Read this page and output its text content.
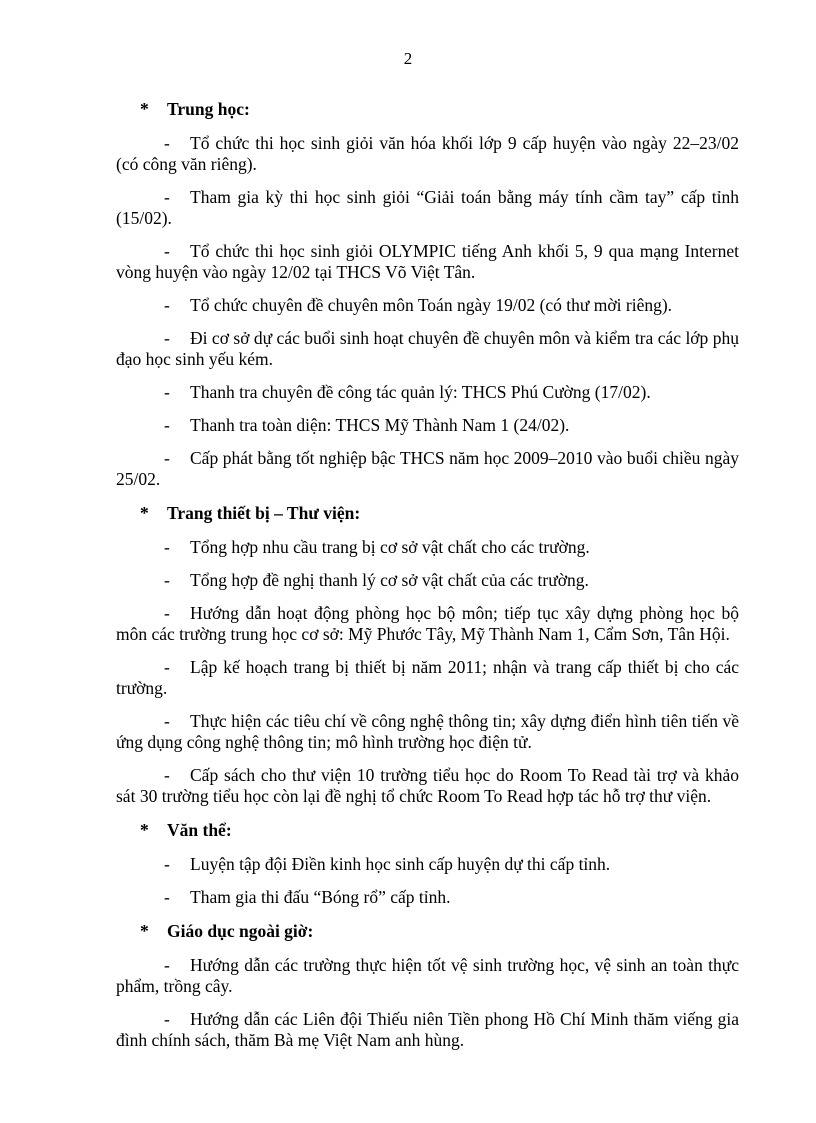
2

* Trung học:

- Tổ chức thi học sinh giỏi văn hóa khối lớp 9 cấp huyện vào ngày 22–23/02 (có công văn riêng).

- Tham gia kỳ thi học sinh giỏi “Giải toán bằng máy tính cầm tay” cấp tỉnh (15/02).

- Tổ chức thi học sinh giỏi OLYMPIC tiếng Anh khối 5, 9 qua mạng Internet vòng huyện vào ngày 12/02 tại THCS Võ Việt Tân.

- Tổ chức chuyên đề chuyên môn Toán ngày 19/02 (có thư mời riêng).

- Đi cơ sở dự các buổi sinh hoạt chuyên đề chuyên môn và kiểm tra các lớp phụ đạo học sinh yếu kém.

- Thanh tra chuyên đề công tác quản lý: THCS Phú Cường (17/02).

- Thanh tra toàn diện: THCS Mỹ Thành Nam 1 (24/02).

- Cấp phát bằng tốt nghiệp bậc THCS năm học 2009–2010 vào buổi chiều ngày 25/02.

* Trang thiết bị – Thư viện:

- Tổng hợp nhu cầu trang bị cơ sở vật chất cho các trường.

- Tổng hợp đề nghị thanh lý cơ sở vật chất của các trường.

- Hướng dẫn hoạt động phòng học bộ môn; tiếp tục xây dựng phòng học bộ môn các trường trung học cơ sở: Mỹ Phước Tây, Mỹ Thành Nam 1, Cẩm Sơn, Tân Hội.

- Lập kế hoạch trang bị thiết bị năm 2011; nhận và trang cấp thiết bị cho các trường.

- Thực hiện các tiêu chí về công nghệ thông tin; xây dựng điển hình tiên tiến về ứng dụng công nghệ thông tin; mô hình trường học điện tử.

- Cấp sách cho thư viện 10 trường tiểu học do Room To Read tài trợ và khảo sát 30 trường tiểu học còn lại đề nghị tổ chức Room To Read hợp tác hỗ trợ thư viện.

* Văn thể:

- Luyện tập đội Điền kinh học sinh cấp huyện dự thi cấp tỉnh.

- Tham gia thi đấu “Bóng rổ” cấp tỉnh.

* Giáo dục ngoài giờ:

- Hướng dẫn các trường thực hiện tốt vệ sinh trường học, vệ sinh an toàn thực phẩm, trồng cây.

- Hướng dẫn các Liên đội Thiếu niên Tiền phong Hồ Chí Minh thăm viếng gia đình chính sách, thăm Bà mẹ Việt Nam anh hùng.
